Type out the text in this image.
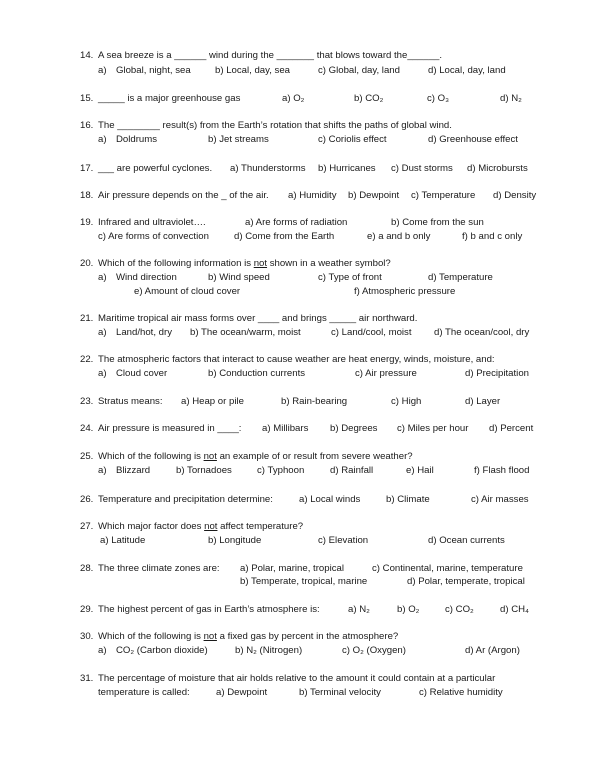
14. A sea breeze is a ______ wind during the _______ that blows toward the______.
a) Global, night, sea	b) Local, day, sea	c) Global, day, land	d) Local, day, land
15. _____ is a major greenhouse gas	a) O₂	b) CO₂	c) O₃	d) N₂
16. The ________ result(s) from the Earth’s rotation that shifts the paths of global wind.
a) Doldrums	b) Jet streams	c) Coriolis effect	d) Greenhouse effect
17. ___ are powerful cyclones. a) Thunderstorms b) Hurricanes c) Dust storms d) Microbursts
18. Air pressure depends on the _ of the air. a) Humidity b) Dewpoint c) Temperature d) Density
19. Infrared and ultraviolet….	a) Are forms of radiation	b) Come from the sun
c) Are forms of convection	d) Come from the Earth	e) a and b only	f) b and c only
20. Which of the following information is not shown in a weather symbol?
a) Wind direction	b) Wind speed	c) Type of front	d) Temperature
e) Amount of cloud cover	f) Atmospheric pressure
21. Maritime tropical air mass forms over ____ and brings _____ air northward.
a) Land/hot, dry b) The ocean/warm, moist	c) Land/cool, moist d) The ocean/cool, dry
22. The atmospheric factors that interact to cause weather are heat energy, winds, moisture, and:
a) Cloud cover	b) Conduction currents	c) Air pressure	d) Precipitation
23. Stratus means: a) Heap or pile	b) Rain-bearing	c) High	d) Layer
24. Air pressure is measured in ____: a) Millibars b) Degrees c) Miles per hour d) Percent
25. Which of the following is not an example of or result from severe weather?
a) Blizzard	b) Tornadoes	c) Typhoon	d) Rainfall	e) Hail	f) Flash flood
26. Temperature and precipitation determine:	a) Local winds	b) Climate	c) Air masses
27. Which major factor does not affect temperature?
a) Latitude	b) Longitude	c) Elevation	d) Ocean currents
28. The three climate zones are: a) Polar, marine, tropical	c) Continental, marine, temperature
b) Temperate, tropical, marine	d) Polar, temperate, tropical
29. The highest percent of gas in Earth’s atmosphere is:	a) N₂	b) O₂	c) CO₂	d) CH₄
30. Which of the following is not a fixed gas by percent in the atmosphere?
a) CO₂ (Carbon dioxide)	b) N₂ (Nitrogen)	c) O₂ (Oxygen)	d) Ar (Argon)
31. The percentage of moisture that air holds relative to the amount it could contain at a particular
temperature is called:	a) Dewpoint	b) Terminal velocity	c) Relative humidity
